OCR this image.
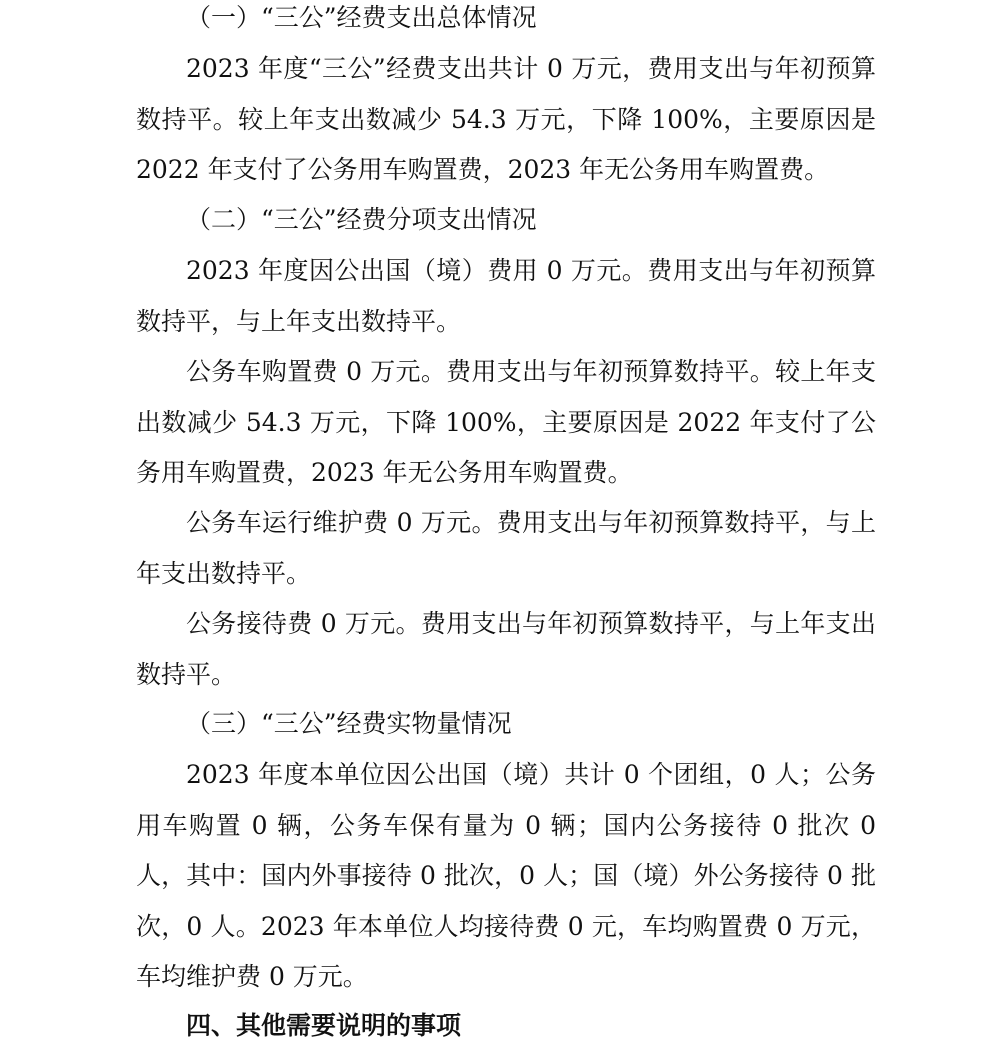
（一）“三公”经费支出总体情况

2023 年度“三公”经费支出共计 0 万元，费用支出与年初预算数持平。较上年支出数减少 54.3 万元，下降 100%，主要原因是 2022 年支付了公务用车购置费，2023 年无公务用车购置费。

（二）“三公”经费分项支出情况

2023 年度因公出国（境）费用 0 万元。费用支出与年初预算数持平，与上年支出数持平。

公务车购置费 0 万元。费用支出与年初预算数持平。较上年支出数减少 54.3 万元，下降 100%，主要原因是 2022 年支付了公务用车购置费，2023 年无公务用车购置费。

公务车运行维护费 0 万元。费用支出与年初预算数持平，与上年支出数持平。

公务接待费 0 万元。费用支出与年初预算数持平，与上年支出数持平。

（三）“三公”经费实物量情况

2023 年度本单位因公出国（境）共计 0 个团组，0 人；公务用车购置 0 辆，公务车保有量为 0 辆；国内公务接待 0 批次 0 人，其中：国内外事接待 0 批次，0 人；国（境）外公务接待 0 批次，0 人。2023 年本单位人均接待费 0 元，车均购置费 0 万元，车均维护费 0 万元。

四、其他需要说明的事项
